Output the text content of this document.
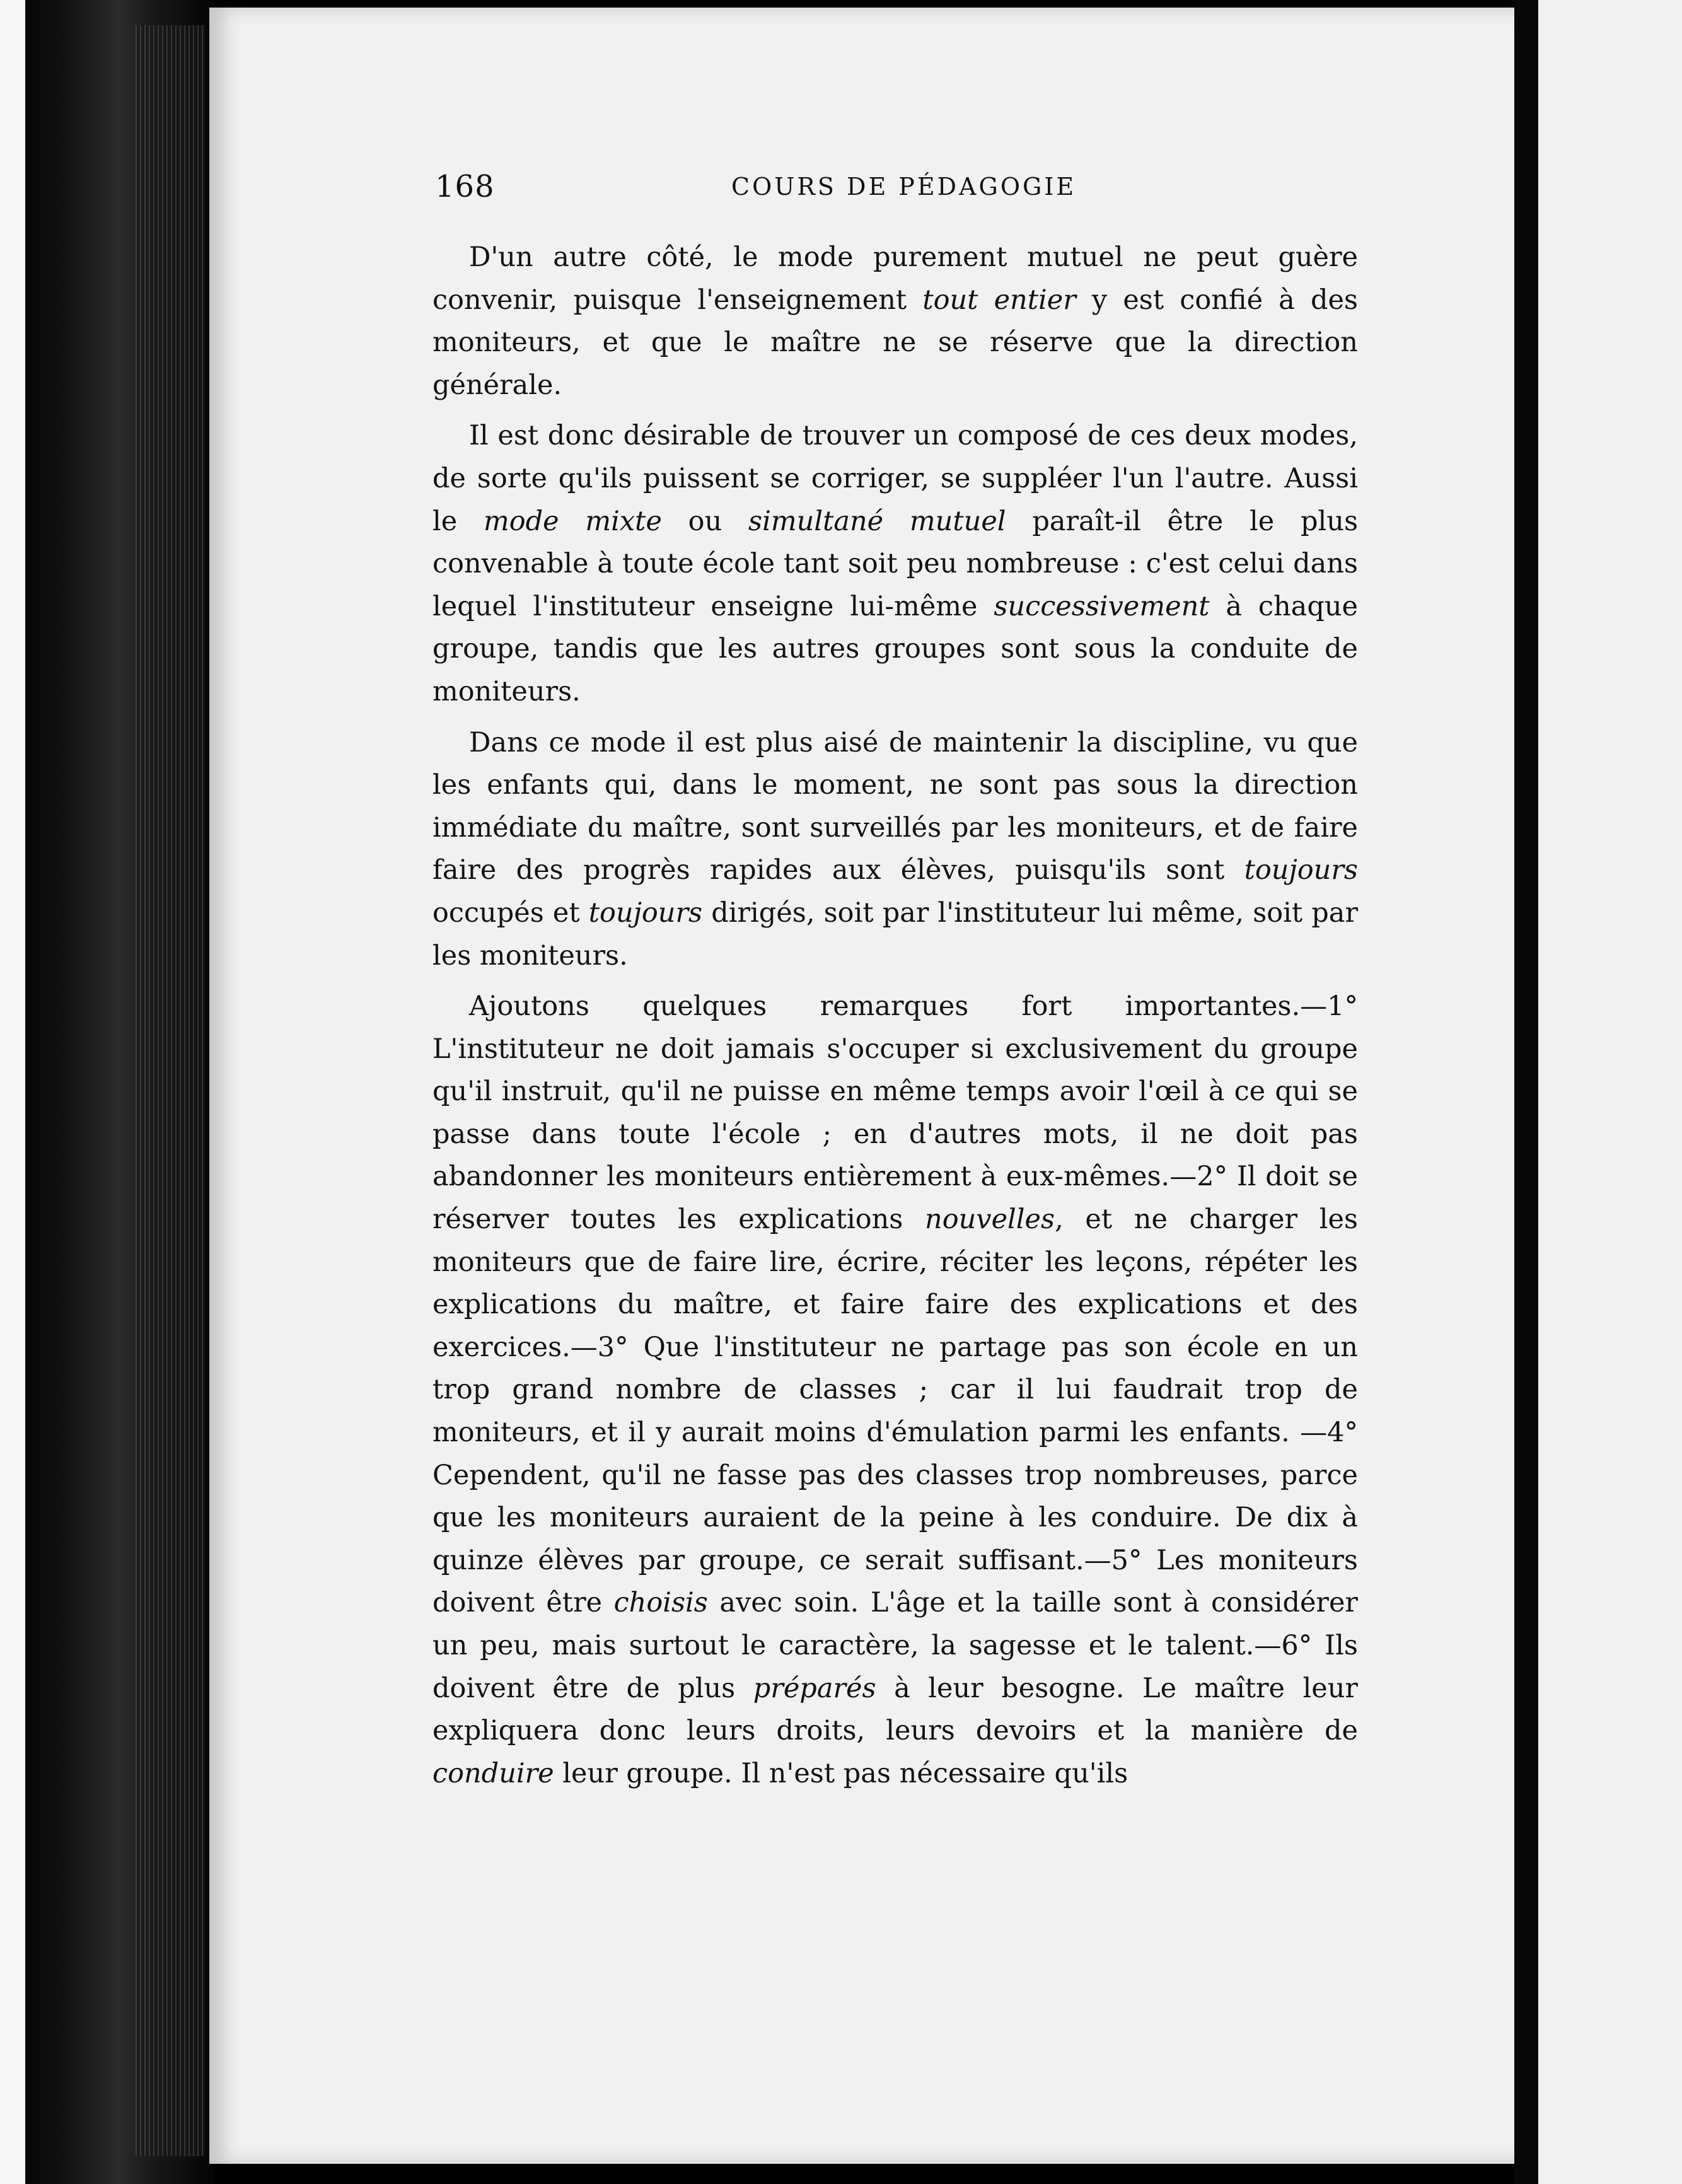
168	COURS DE PÉDAGOGIE

D'un autre côté, le mode purement mutuel ne peut guère convenir, puisque l'enseignement tout entier y est confié à des moniteurs, et que le maître ne se réserve que la direction générale.

Il est donc désirable de trouver un composé de ces deux modes, de sorte qu'ils puissent se corriger, se suppléer l'un l'autre. Aussi le mode mixte ou simultané mutuel paraît-il être le plus convenable à toute école tant soit peu nombreuse : c'est celui dans lequel l'instituteur enseigne lui-même successivement à chaque groupe, tandis que les autres groupes sont sous la conduite de moniteurs.

Dans ce mode il est plus aisé de maintenir la discipline, vu que les enfants qui, dans le moment, ne sont pas sous la direction immédiate du maître, sont surveillés par les moniteurs, et de faire faire des progrès rapides aux élèves, puisqu'ils sont toujours occupés et toujours dirigés, soit par l'instituteur lui même, soit par les moniteurs.

Ajoutons quelques remarques fort importantes.—1° L'instituteur ne doit jamais s'occuper si exclusivement du groupe qu'il instruit, qu'il ne puisse en même temps avoir l'œil à ce qui se passe dans toute l'école ; en d'autres mots, il ne doit pas abandonner les moniteurs entièrement à eux-mêmes.—2° Il doit se réserver toutes les explications nouvelles, et ne charger les moniteurs que de faire lire, écrire, réciter les leçons, répéter les explications du maître, et faire faire des explications et des exercices.—3° Que l'instituteur ne partage pas son école en un trop grand nombre de classes ; car il lui faudrait trop de moniteurs, et il y aurait moins d'émulation parmi les enfants. —4° Cependent, qu'il ne fasse pas des classes trop nombreuses, parce que les moniteurs auraient de la peine à les conduire. De dix à quinze élèves par groupe, ce serait suffisant.—5° Les moniteurs doivent être choisis avec soin. L'âge et la taille sont à considérer un peu, mais surtout le caractère, la sagesse et le talent.—6° Ils doivent être de plus préparés à leur besogne. Le maître leur expliquera donc leurs droits, leurs devoirs et la manière de conduire leur groupe. Il n'est pas nécessaire qu'ils
